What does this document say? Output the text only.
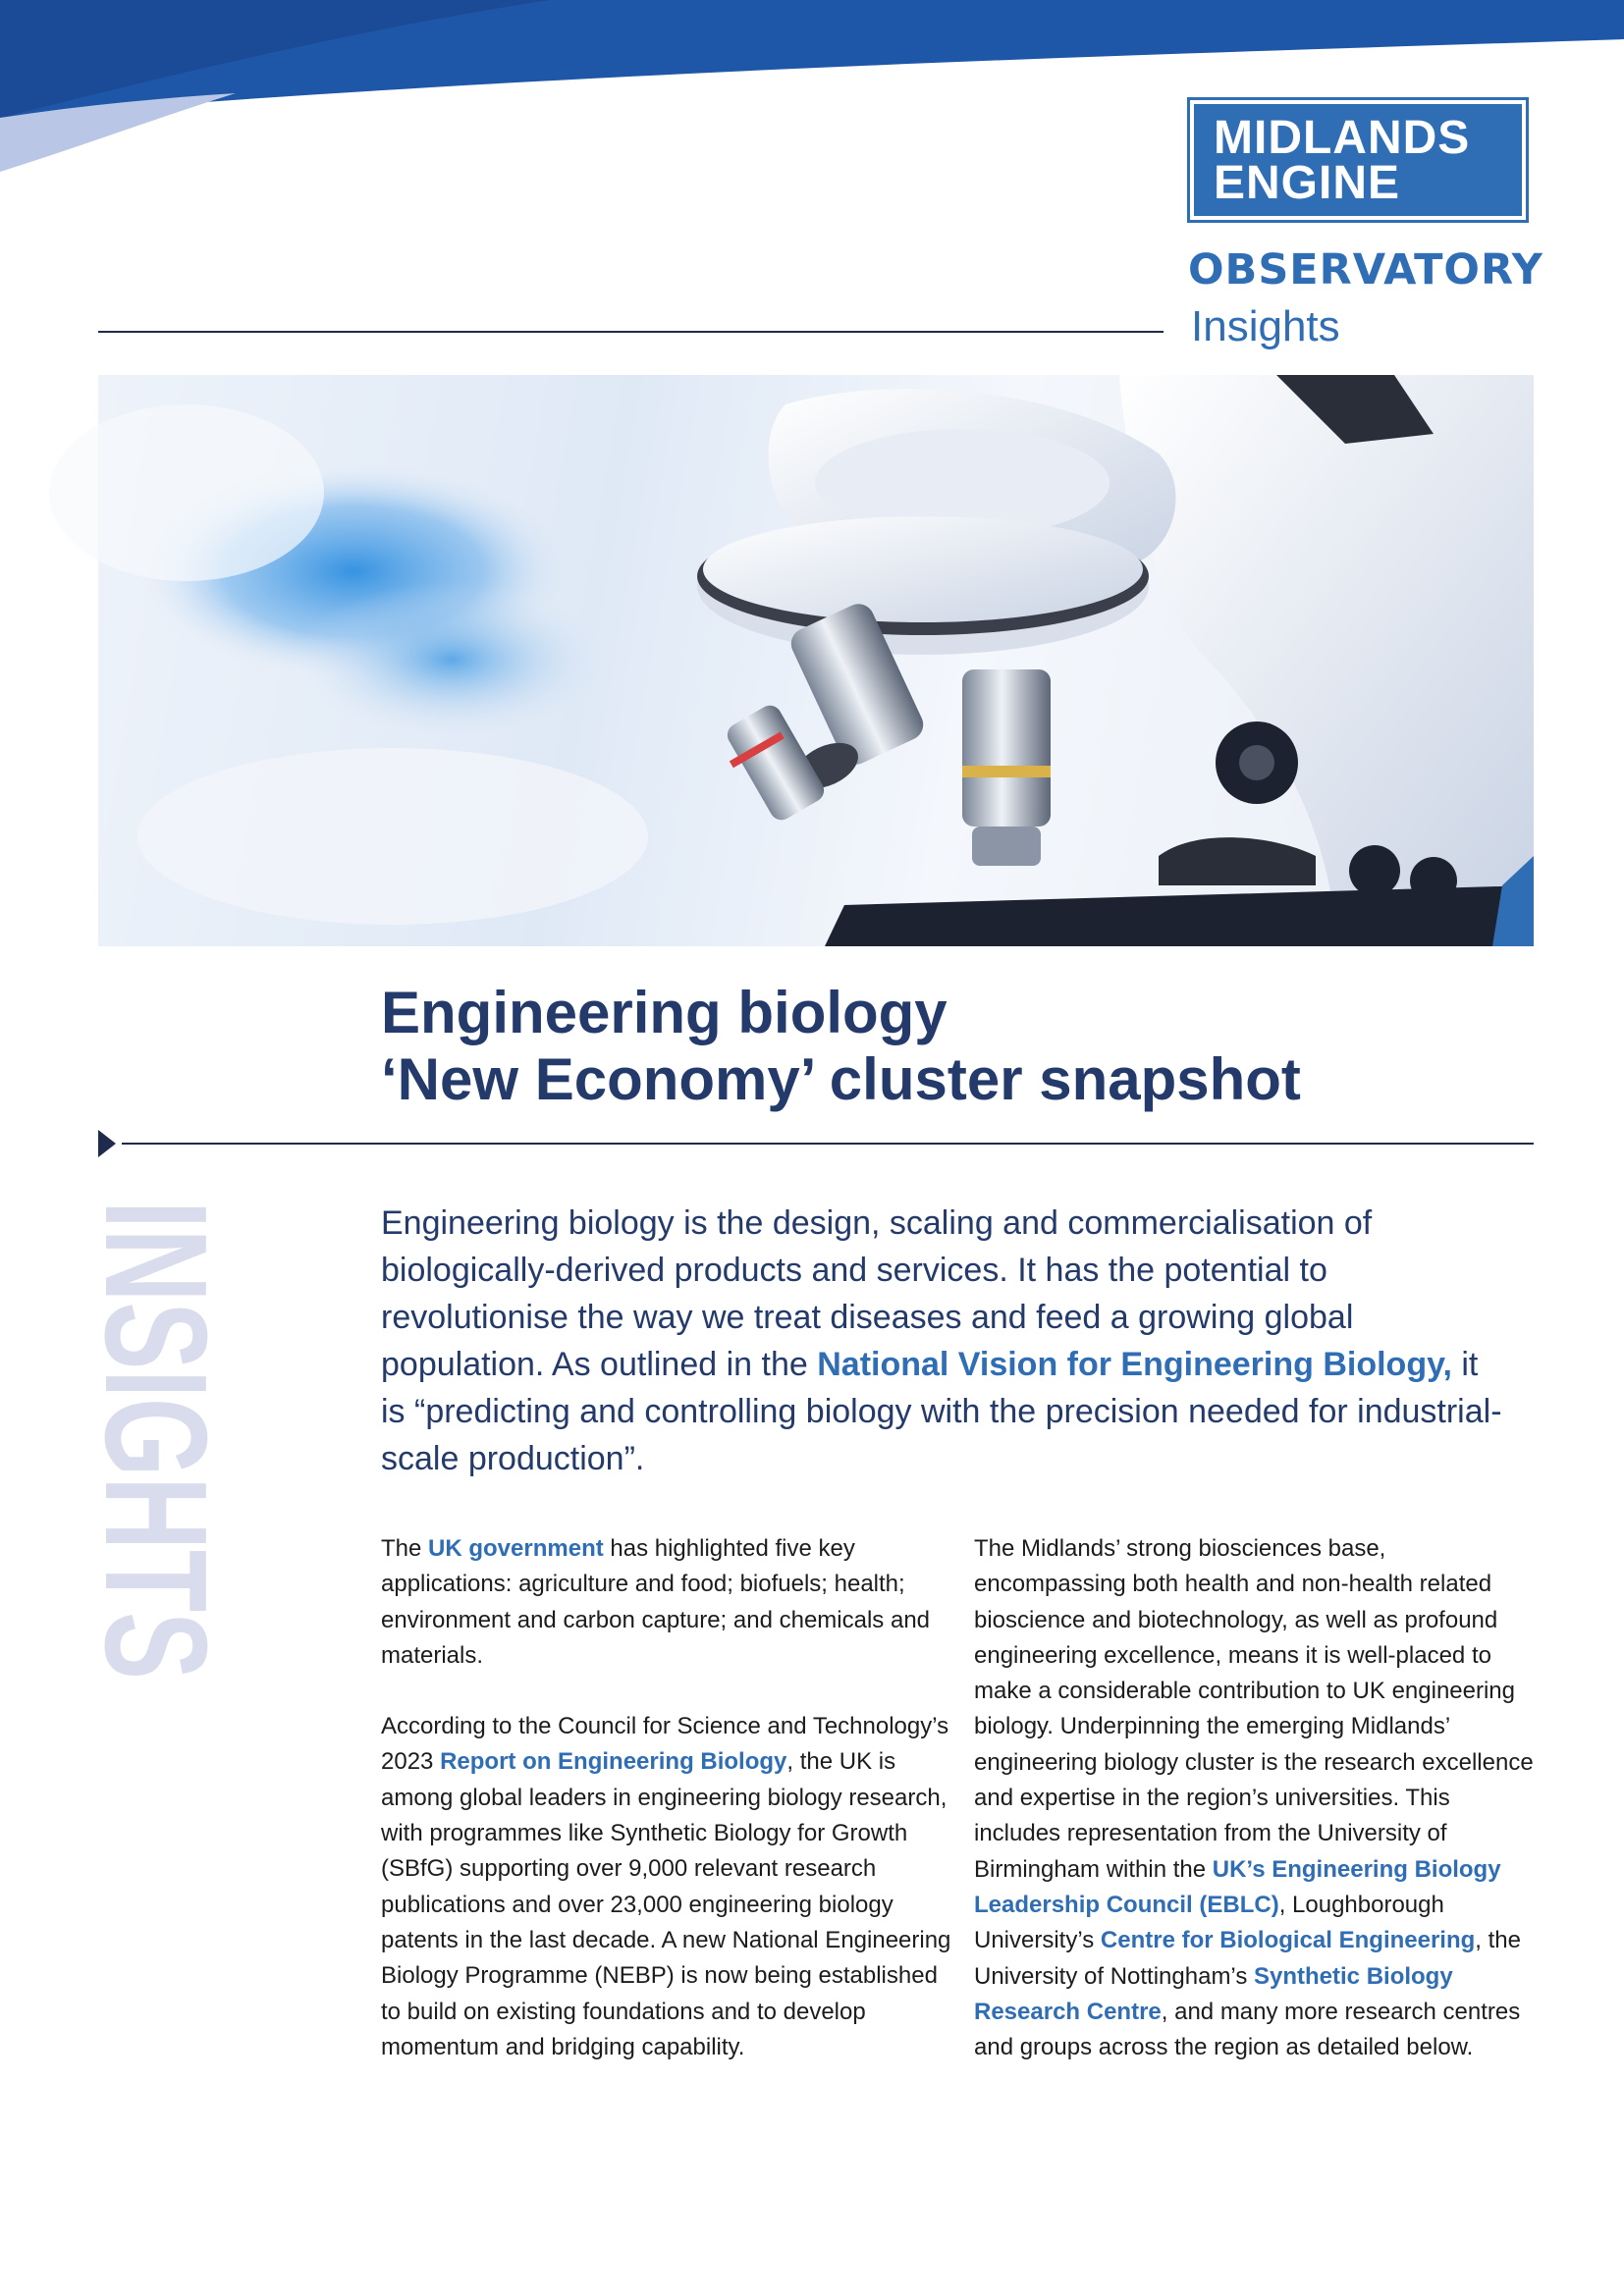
MIDLANDS
ENGINE
OBSERVATORY
Insights
Engineering biology
‘New Economy’ cluster snapshot
INSIGHTS	Engineering biology is the design, scaling and commercialisation of biologically-derived products and services. It has the potential to revolutionise the way we treat diseases and feed a growing global population. As outlined in the National Vision for Engineering Biology, it is “predicting and controlling biology with the precision needed for industrial-scale production”.

The UK government has highlighted five key applications: agriculture and food; biofuels; health; environment and carbon capture; and chemicals and materials.

According to the Council for Science and Technology’s 2023 Report on Engineering Biology, the UK is among global leaders in engineering biology research, with programmes like Synthetic Biology for Growth (SBfG) supporting over 9,000 relevant research publications and over 23,000 engineering biology patents in the last decade. A new National Engineering Biology Programme (NEBP) is now being established to build on existing foundations and to develop momentum and bridging capability.

The Midlands’ strong biosciences base, encompassing both health and non-health related bioscience and biotechnology, as well as profound engineering excellence, means it is well-placed to make a considerable contribution to UK engineering biology. Underpinning the emerging Midlands’ engineering biology cluster is the research excellence and expertise in the region’s universities. This includes representation from the University of Birmingham within the UK’s Engineering Biology Leadership Council (EBLC), Loughborough University’s Centre for Biological Engineering, the University of Nottingham’s Synthetic Biology Research Centre, and many more research centres and groups across the region as detailed below.
